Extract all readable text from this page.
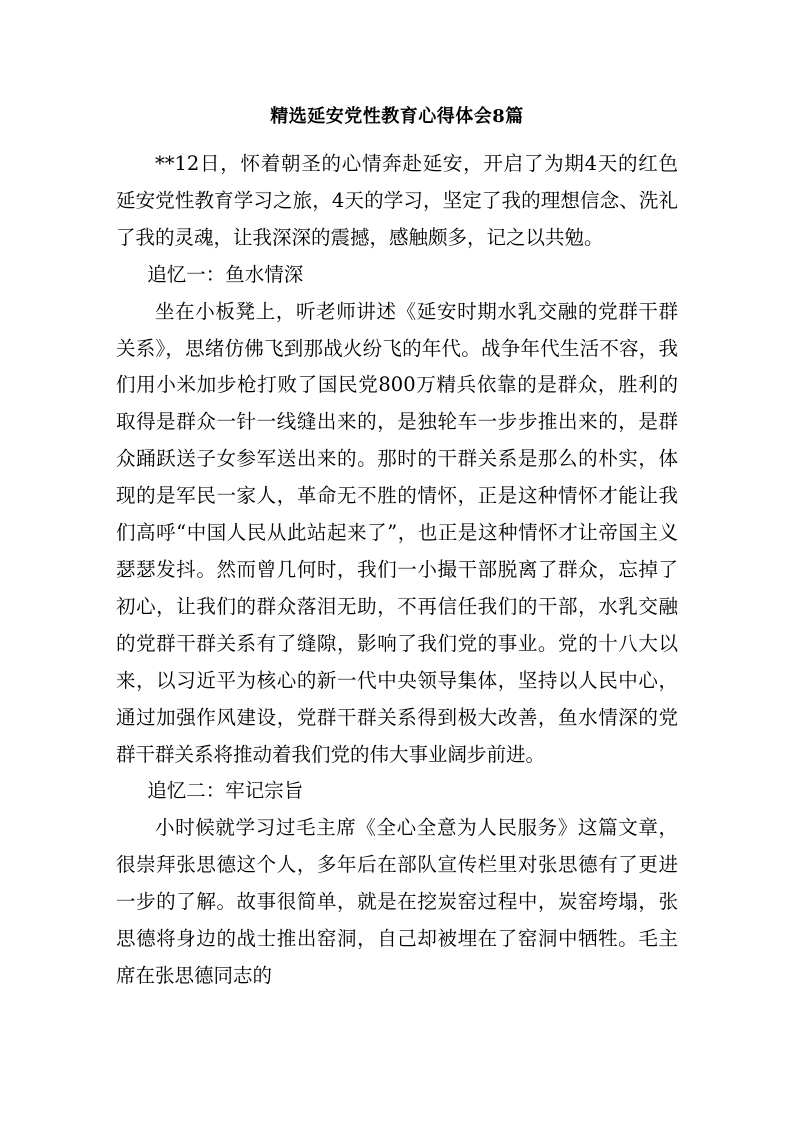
精选延安党性教育心得体会8篇

**12日，怀着朝圣的心情奔赴延安，开启了为期4天的红色延安党性教育学习之旅，4天的学习，坚定了我的理想信念、洗礼了我的灵魂，让我深深的震撼，感触颇多，记之以共勉。

追忆一：鱼水情深

坐在小板凳上，听老师讲述《延安时期水乳交融的党群干群关系》，思绪仿佛飞到那战火纷飞的年代。战争年代生活不容，我们用小米加步枪打败了国民党800万精兵依靠的是群众，胜利的取得是群众一针一线缝出来的，是独轮车一步步推出来的，是群众踊跃送子女参军送出来的。那时的干群关系是那么的朴实，体现的是军民一家人，革命无不胜的情怀，正是这种情怀才能让我们高呼“中国人民从此站起来了”，也正是这种情怀才让帝国主义瑟瑟发抖。然而曾几何时，我们一小撮干部脱离了群众，忘掉了初心，让我们的群众落泪无助，不再信任我们的干部，水乳交融的党群干群关系有了缝隙，影响了我们党的事业。党的十八大以来，以习近平为核心的新一代中央领导集体，坚持以人民中心，通过加强作风建设，党群干群关系得到极大改善，鱼水情深的党群干群关系将推动着我们党的伟大事业阔步前进。

追忆二：牢记宗旨

小时候就学习过毛主席《全心全意为人民服务》这篇文章，很崇拜张思德这个人，多年后在部队宣传栏里对张思德有了更进一步的了解。故事很简单，就是在挖炭窑过程中，炭窑垮塌，张思德将身边的战士推出窑洞，自己却被埋在了窑洞中牺牲。毛主席在张思德同志的
